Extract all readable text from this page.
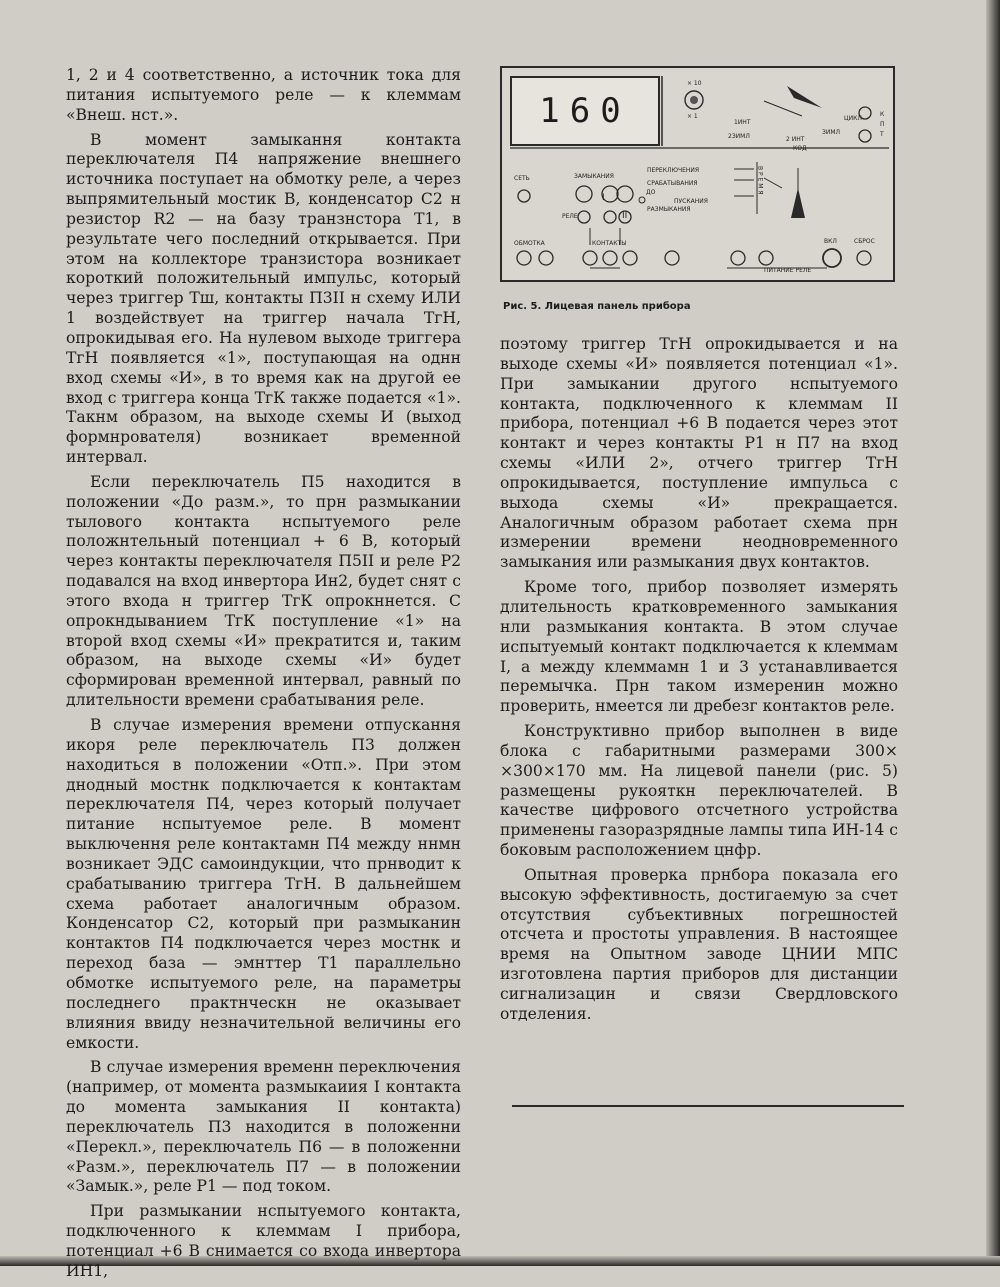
1, 2 и 4 соответственно, а источник тока для питания испытуемого реле — к клеммам «Внеш. нст.».

В момент замыкання контакта переключателя П4 напряжение внешнего источника поступает на обмотку реле, а через выпрямительный мостик В, конденсатор С2 н резистор R2 — на базу транзнстора Т1, в результате чего последний открывается. При этом на коллекторе транзистора возникает короткий положительный импульс, который через триггер Тш, контакты П3II н схему ИЛИ 1 воздействует на триггер начала ТгН, опрокидывая его. На нулевом выходе триггера ТгН появляется «1», поступающая на однн вход схемы «И», в то время как на другой ее вход с триггера конца ТгК также подается «1». Такнм образом, на выходе схемы И (выход формнрователя) возникает временной интервал.

Если переключатель П5 находится в положении «До разм.», то прн размыкании тылового контакта нспытуемого реле положнтельный потенциал + 6 В, который через контакты переключателя П5II и реле Р2 подавался на вход инвертора Ин2, будет снят с этого входа н триггер ТгК опрокннется. С опрокндыванием ТгК поступление «1» на второй вход схемы «И» прекратится и, таким образом, на выходе схемы «И» будет сформирован временной интервал, равный по длительности времени срабатывания реле.

В случае измерения времени отпускання икоря реле переключатель П3 должен находиться в положении «Отп.». При этом днодный мостнк подключается к контактам переключателя П4, через который получает питание нспытуемое реле. В момент выключення реле контактамн П4 между ннмн возникает ЭДС самоиндукции, что прнводит к срабатыванию триггера ТгН. В дальнейшем схема работает аналогичным образом. Конденсатор С2, который при размыканин контактов П4 подключается через мостнк и переход база — эмнттер Т1 параллельно обмотке испытуемого реле, на параметры последнего практнческн не оказывает влияния ввиду незначительной величины его емкости.

В случае измерения временн переключения (например, от момента размыкаиия I контакта до момента замыкания II контакта) переключатель П3 находится в положенни «Перекл.», переключатель П6 — в положенни «Разм.», переключатель П7 — в положении «Замык.», реле Р1 — под током.

При размыкании нспытуемого контакта, подключенного к клеммам I прибора, потенциал +6 В снимается со входа инвертора ИН1,

160
× 10
× 1
1ИНТ
2ЗИМЛ	2 ИНТ
ЗИМЛ
ЦИКЛ
КОД
К
П
Т
СЕТЬ
I
II
РЕЛЕ
ЗАМЫКАНИЯ
ПЕРЕКЛЮЧЕНИЯ
СРАБАТЫВАНИЯ
ПУСКАНИЯ
РАЗМЫКАНИЯ
ДО	В Р Е М Я
ОБМОТКА	КОНТАКТЫ
ПИТАНИЕ РЕЛЕ
ВКЛ	СБРОС
Рис. 5. Лицевая панель прибора

поэтому триггер ТгН опрокидывается и на выходе схемы «И» появляется потенциал «1». При замыкании другого нспытуемого контакта, подключенного к клеммам II прибора, потенциал +6 В подается через этот контакт и через контакты Р1 н П7 на вход схемы «ИЛИ 2», отчего триггер ТгН опрокидывается, поступление импульса с выхода схемы «И» прекращается. Аналогичным образом работает схема прн измерении времени неодновременного замыкания или размыкания двух контактов.

Кроме того, прибор позволяет измерять длительность кратковременного замыкания нли размыкания контакта. В этом случае испытуемый контакт подключается к клеммам I, а между клеммамн 1 и 3 устанавливается перемычка. Прн таком измеренин можно проверить, нмеется ли дребезг контактов реле.

Конструктивно прибор выполнен в виде блока с габаритными размерами 300× ×300×170 мм. На лицевой панели (рис. 5) размещены рукояткн переключателей. В качестве цифрового отсчетного устройства применены газоразрядные лампы типа ИН-14 с боковым расположением цнфр.

Опытная проверка прнбора показала его высокую эффективность, достигаемую за счет отсутствия субъективных погрешностей отсчета и простоты управления. В настоящее время на Опытном заводе ЦНИИ МПС изготовлена партия приборов для дистанции сигнализацин и связи Свердловского отделения.
